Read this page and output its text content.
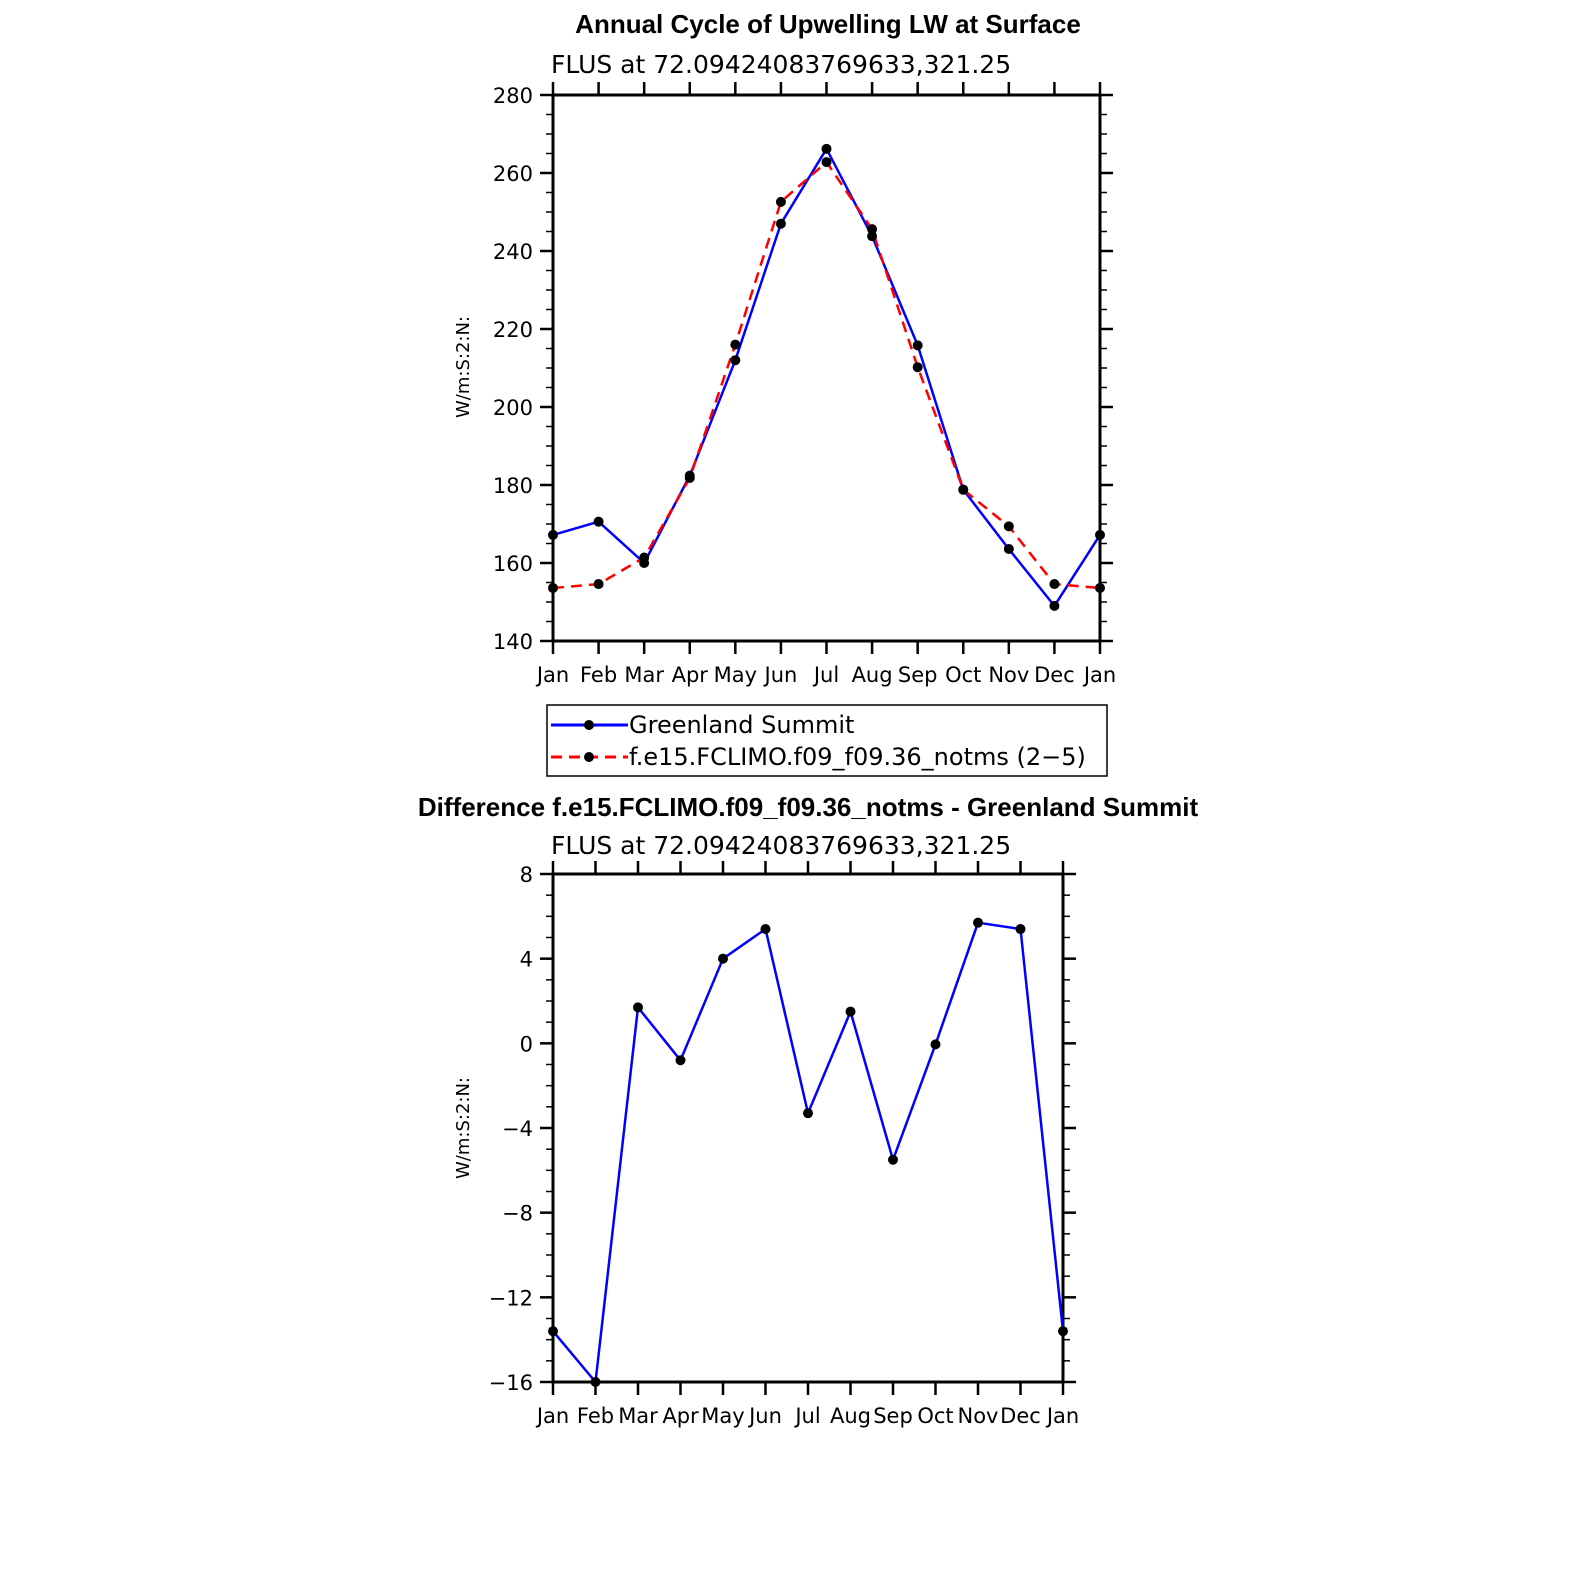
Annual Cycle of Upwelling LW at Surface
FLUS at 72.09424083769633,321.25
W/m:S:2:N:
Jan Feb Mar Apr May Jun Jul Aug Sep Oct Nov Dec Jan
140
160
180
200
220
240
260
280
Greenland Summit
f.e15.FCLIMO.f09_f09.36_notms (2−5)
Difference f.e15.FCLIMO.f09_f09.36_notms - Greenland Summit
FLUS at 72.09424083769633,321.25
W/m:S:2:N:
Jan Feb Mar Apr May Jun Jul Aug Sep Oct Nov Dec Jan
−16
−12
−8
−4
0
4
8
